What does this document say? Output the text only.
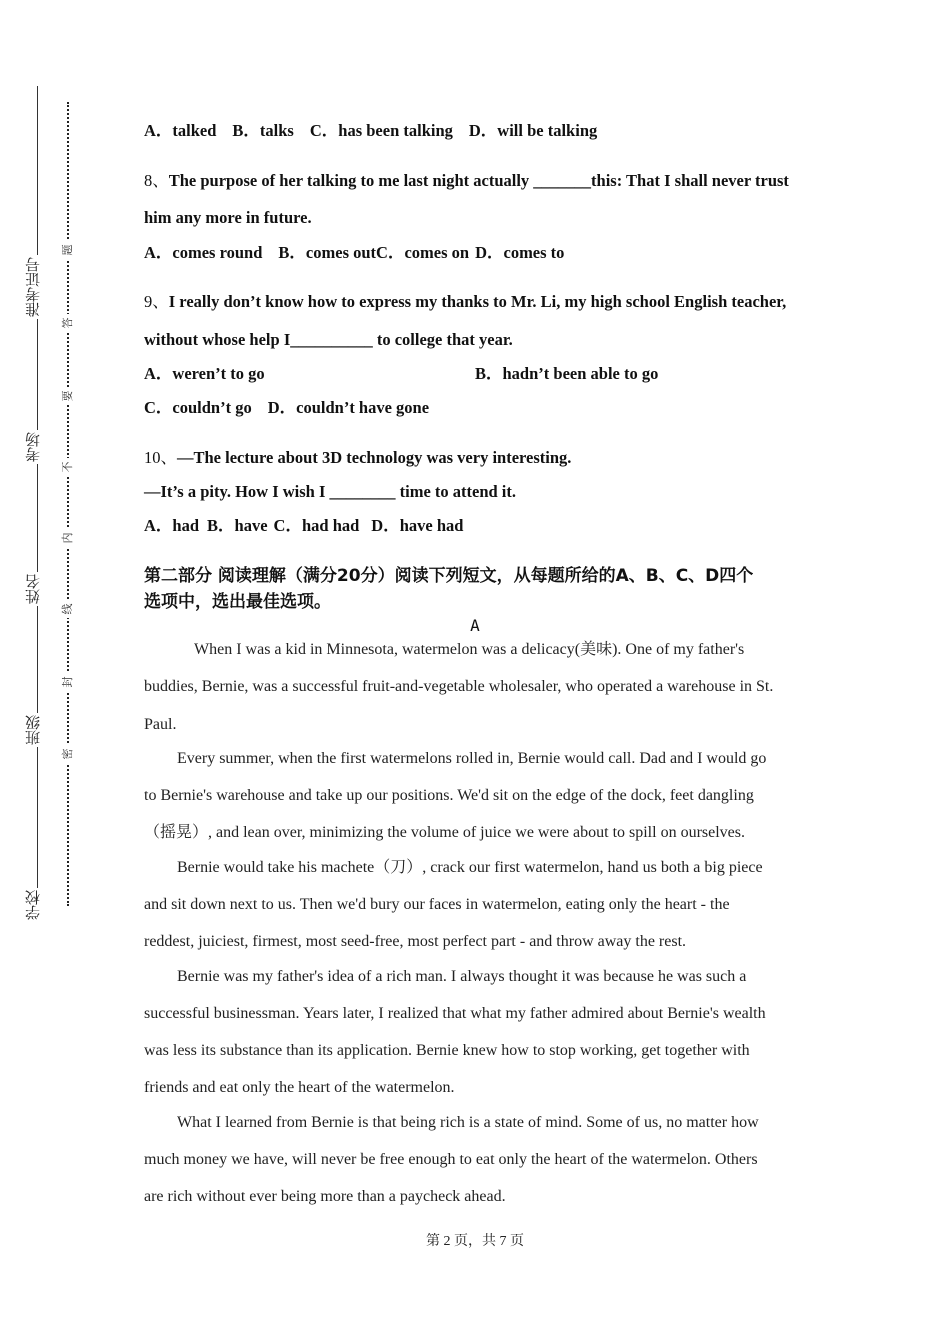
准考证号
考场
姓名
班级
学校
题
答
要
不
内
线
封
密
A．talked B．talks C．has been talking D．will be talking
8、The purpose of her talking to me last night actually _______this: That I shall never trust
him any more in future.
A．comes round B．comes outC．comes on D．comes to
9、I really don’t know how to express my thanks to Mr. Li, my high school English teacher,
without whose help I__________ to college that year.
A．weren’t to go	B．hadn’t been able to go
C．couldn’t go D．couldn’t have gone
10、—The lecture about 3D technology was very interesting.
—It’s a pity. How I wish I ________ time to attend it.
A．had B．have C．had had D．have had
第二部分 阅读理解（满分20分）阅读下列短文，从每题所给的A、B、C、D四个
选项中，选出最佳选项。
A
When I was a kid in Minnesota, watermelon was a delicacy(美味). One of my father's
buddies, Bernie, was a successful fruit-and-vegetable wholesaler, who operated a warehouse in St.
Paul.
Every summer, when the first watermelons rolled in, Bernie would call. Dad and I would go
to Bernie's warehouse and take up our positions. We'd sit on the edge of the dock, feet dangling
（摇晃）, and lean over, minimizing the volume of juice we were about to spill on ourselves.
Bernie would take his machete（刀）, crack our first watermelon, hand us both a big piece
and sit down next to us. Then we'd bury our faces in watermelon, eating only the heart - the
reddest, juiciest, firmest, most seed-free, most perfect part - and throw away the rest.
Bernie was my father's idea of a rich man. I always thought it was because he was such a
successful businessman. Years later, I realized that what my father admired about Bernie's wealth
was less its substance than its application. Bernie knew how to stop working, get together with
friends and eat only the heart of the watermelon.
What I learned from Bernie is that being rich is a state of mind. Some of us, no matter how
much money we have, will never be free enough to eat only the heart of the watermelon. Others
are rich without ever being more than a paycheck ahead.
第 2 页，共 7 页
